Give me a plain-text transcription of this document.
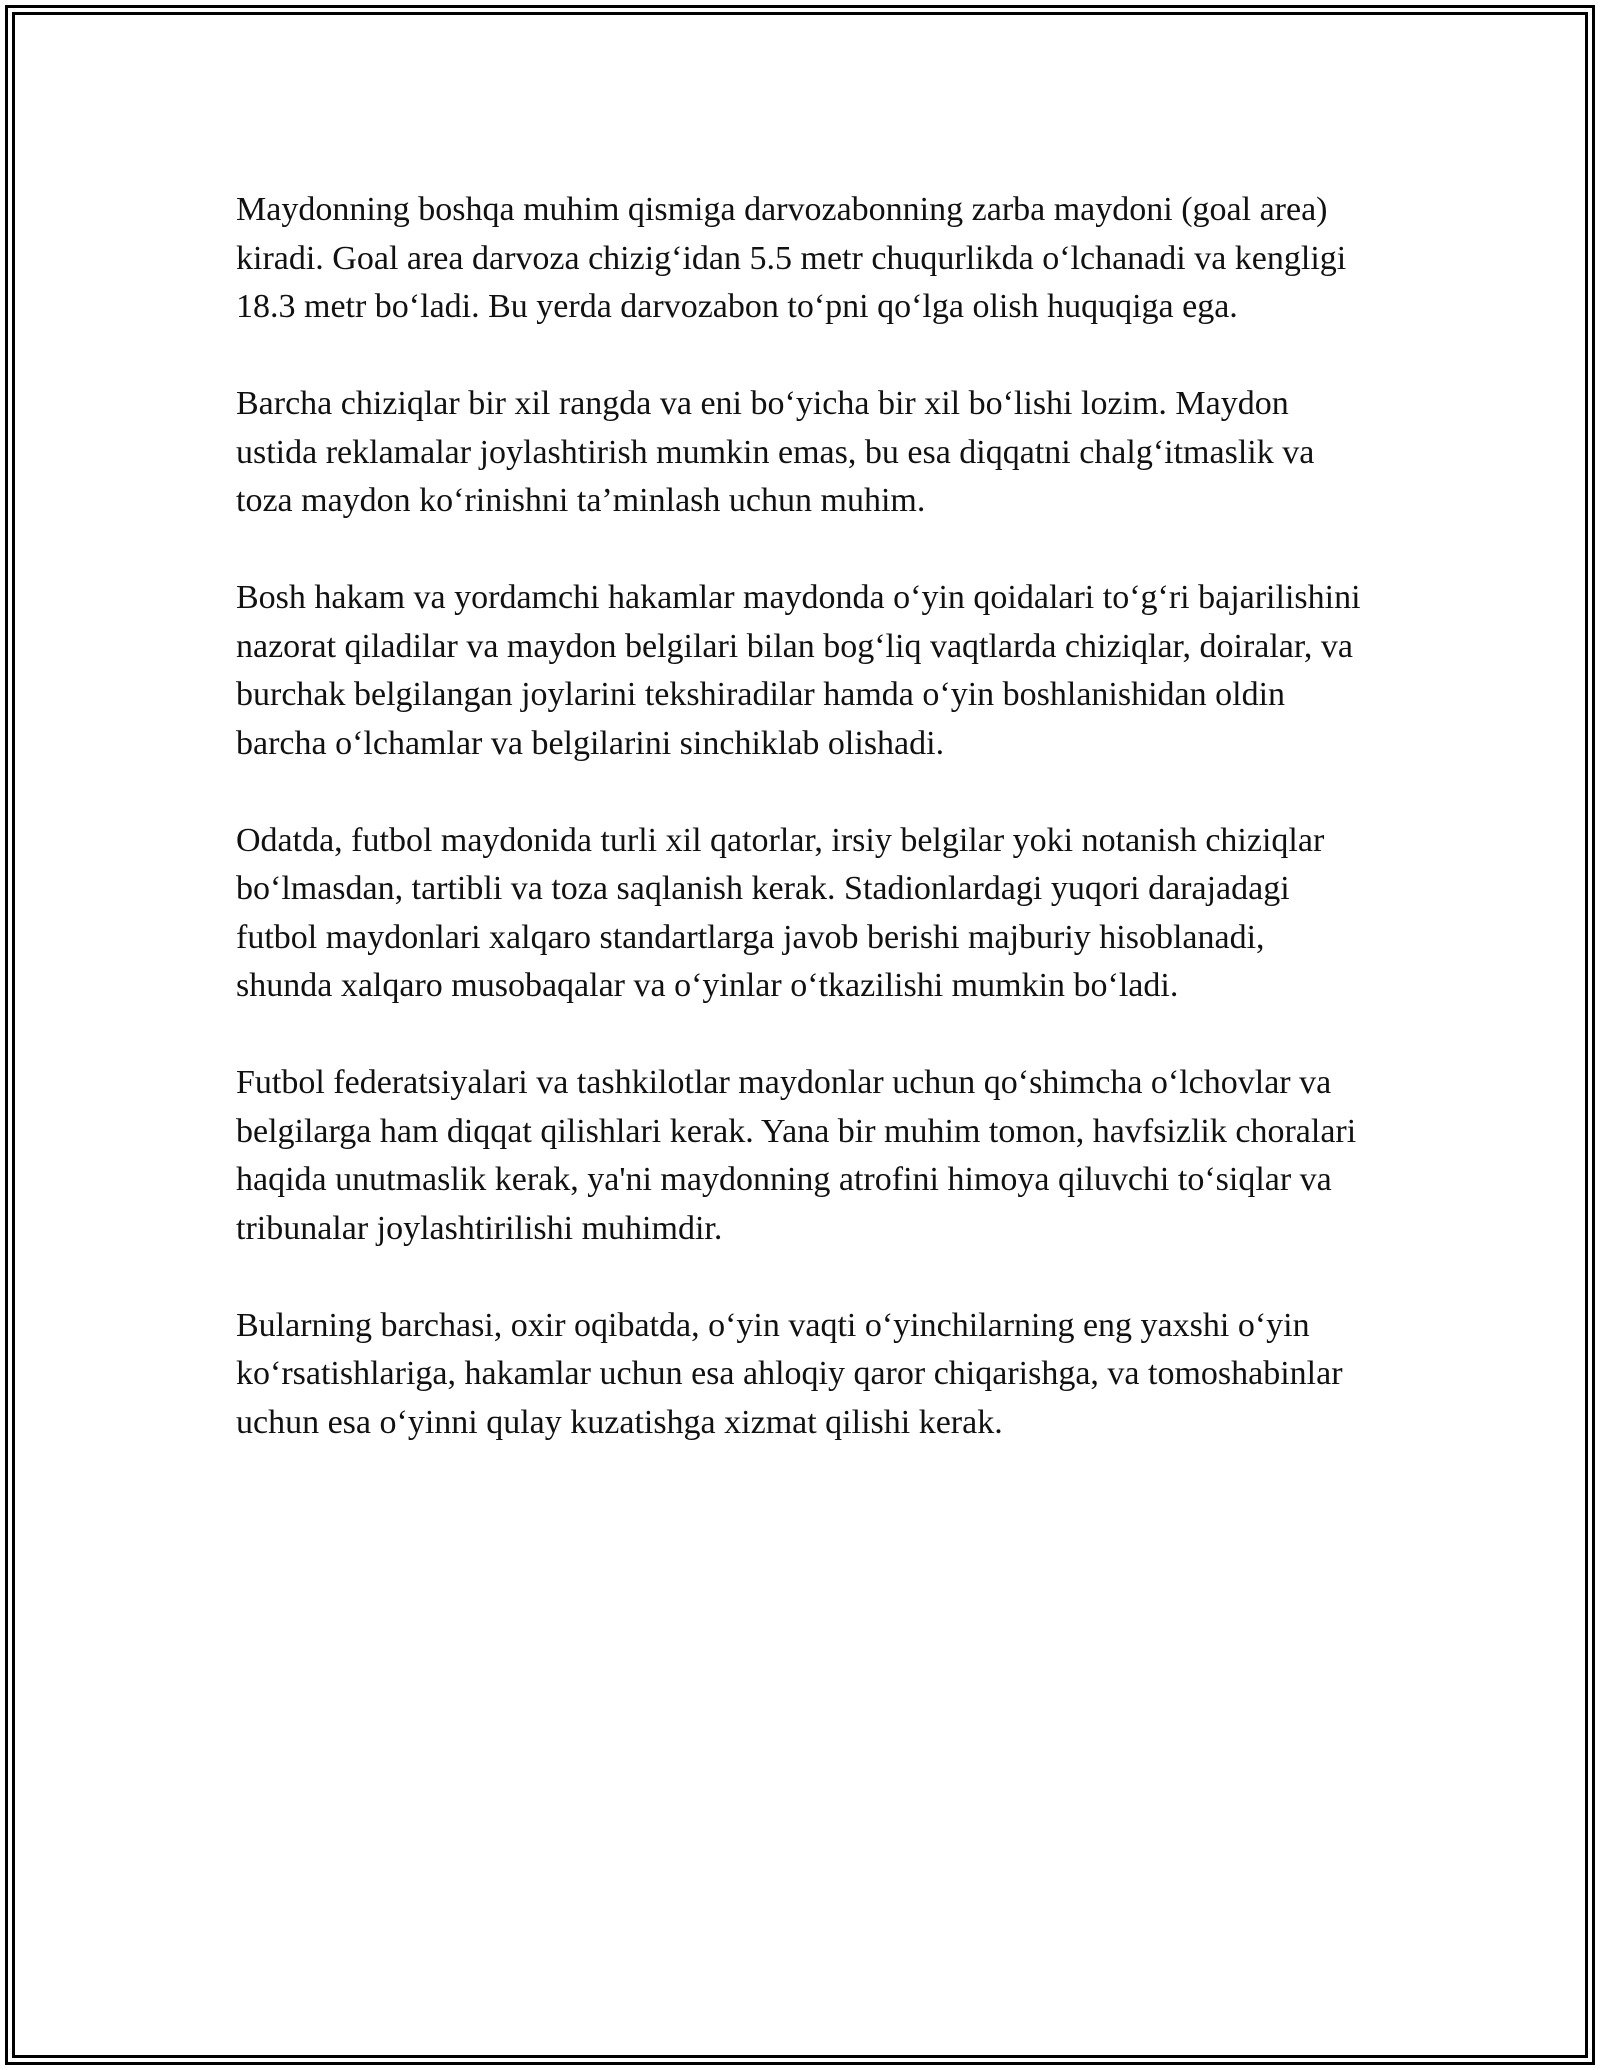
Maydonning boshqa muhim qismiga darvozabonning zarba maydoni (goal area) kiradi. Goal area darvoza chizig‘idan 5.5 metr chuqurlikda o‘lchanadi va kengligi 18.3 metr bo‘ladi. Bu yerda darvozabon to‘pni qo‘lga olish huquqiga ega.

Barcha chiziqlar bir xil rangda va eni bo‘yicha bir xil bo‘lishi lozim. Maydon ustida reklamalar joylashtirish mumkin emas, bu esa diqqatni chalg‘itmaslik va toza maydon ko‘rinishni ta’minlash uchun muhim.

Bosh hakam va yordamchi hakamlar maydonda o‘yin qoidalari to‘g‘ri bajarilishini nazorat qiladilar va maydon belgilari bilan bog‘liq vaqtlarda chiziqlar, doiralar, va burchak belgilangan joylarini tekshiradilar hamda o‘yin boshlanishidan oldin barcha o‘lchamlar va belgilarini sinchiklab olishadi.

Odatda, futbol maydonida turli xil qatorlar, irsiy belgilar yoki notanish chiziqlar bo‘lmasdan, tartibli va toza saqlanish kerak. Stadionlardagi yuqori darajadagi futbol maydonlari xalqaro standartlarga javob berishi majburiy hisoblanadi, shunda xalqaro musobaqalar va o‘yinlar o‘tkazilishi mumkin bo‘ladi.

Futbol federatsiyalari va tashkilotlar maydonlar uchun qo‘shimcha o‘lchovlar va belgilarga ham diqqat qilishlari kerak. Yana bir muhim tomon, havfsizlik choralari haqida unutmaslik kerak, ya'ni maydonning atrofini himoya qiluvchi to‘siqlar va tribunalar joylashtirilishi muhimdir.

Bularning barchasi, oxir oqibatda, o‘yin vaqti o‘yinchilarning eng yaxshi o‘yin ko‘rsatishlariga, hakamlar uchun esa ahloqiy qaror chiqarishga, va tomoshabinlar uchun esa o‘yinni qulay kuzatishga xizmat qilishi kerak.
